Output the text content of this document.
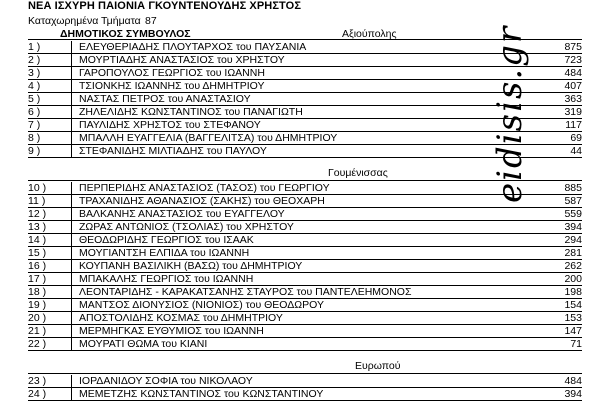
ΝΕΑ ΙΣΧΥΡΗ ΠΑΙΟΝΙΑ ΓΚΟΥΝΤΕΝΟΥΔΗΣ ΧΡΗΣΤΟΣ
Καταχωρημένα Τμήματα 87
ΔΗΜΟΤΙΚΟΣ ΣΥΜΒΟΥΛΟΣ	Αξιούπολης
1 )	ΕΛΕΥΘΕΡΙΑΔΗΣ ΠΛΟΥΤΑΡΧΟΣ του ΠΑΥΣΑΝΙΑ	875
2 )	ΜΟΥΡΤΙΑΔΗΣ ΑΝΑΣΤΑΣΙΟΣ του ΧΡΗΣΤΟΥ	723
3 )	ΓΑΡΟΠΟΥΛΟΣ ΓΕΩΡΓΙΟΣ του ΙΩΑΝΝΗ	484
4 )	ΤΣΙΟΝΚΗΣ ΙΩΑΝΝΗΣ του ΔΗΜΗΤΡΙΟΥ	407
5 )	ΝΑΣΤΑΣ ΠΕΤΡΟΣ του ΑΝΑΣΤΑΣΙΟΥ	363
6 )	ΖΗΛΕΛΙΔΗΣ ΚΩΝΣΤΑΝΤΙΝΟΣ του ΠΑΝΑΓΙΩΤΗ	319
7 )	ΠΑΥΛΙΔΗΣ ΧΡΗΣΤΟΣ του ΣΤΕΦΑΝΟΥ	117
8 )	ΜΠΑΛΛΗ ΕΥΑΓΓΕΛΙΑ (ΒΑΓΓΕΛΙΤΣΑ) του ΔΗΜΗΤΡΙΟΥ	69
9 )	ΣΤΕΦΑΝΙΔΗΣ ΜΙΛΤΙΑΔΗΣ του ΠΑΥΛΟΥ	44
Γουμένισσας
10 )	ΠΕΡΠΕΡΙΔΗΣ ΑΝΑΣΤΑΣΙΟΣ (ΤΑΣΟΣ) του ΓΕΩΡΓΙΟΥ	885
11 )	ΤΡΑΧΑΝΙΔΗΣ ΑΘΑΝΑΣΙΟΣ (ΣΑΚΗΣ) του ΘΕΟΧΑΡΗ	587
12 )	ΒΑΛΚΑΝΗΣ ΑΝΑΣΤΑΣΙΟΣ του ΕΥΑΓΓΕΛΟΥ	559
13 )	ΖΩΡΑΣ ΑΝΤΩΝΙΟΣ (ΤΣΟΛΙΑΣ) του ΧΡΗΣΤΟΥ	394
14 )	ΘΕΟΔΩΡΙΔΗΣ ΓΕΩΡΓΙΟΣ του ΙΣΑΑΚ	294
15 )	ΜΟΥΓΙΑΝΤΣΗ ΕΛΠΙΔΑ του ΙΩΑΝΝΗ	281
16 )	ΚΟΥΠΑΝΗ ΒΑΣΙΛΙΚΗ (ΒΑΣΩ) του ΔΗΜΗΤΡΙΟΥ	262
17 )	ΜΠΑΚΑΛΗΣ ΓΕΩΡΓΙΟΣ του ΙΩΑΝΝΗ	200
18 )	ΛΕΟΝΤΑΡΙΔΗΣ - ΚΑΡΑΚΑΤΣΑΝΗΣ ΣΤΑΥΡΟΣ του ΠΑΝΤΕΛΕΗΜΟΝΟΣ	198
19 )	ΜΑΝΤΣΟΣ ΔΙΟΝΥΣΙΟΣ (ΝΙΟΝΙΟΣ) του ΘΕΟΔΩΡΟΥ	154
20 )	ΑΠΟΣΤΟΛΙΔΗΣ ΚΟΣΜΑΣ του ΔΗΜΗΤΡΙΟΥ	153
21 )	ΜΕΡΜΗΓΚΑΣ ΕΥΘΥΜΙΟΣ του ΙΩΑΝΝΗ	147
22 )	ΜΟΥΡΑΤΙ ΘΩΜΑ του ΚΙΑΝΙ	71
Ευρωπού
23 )	ΙΟΡΔΑΝΙΔΟΥ ΣΟΦΙΑ του ΝΙΚΟΛΑΟΥ	484
24 )	ΜΕΜΕΤΖΗΣ ΚΩΝΣΤΑΝΤΙΝΟΣ του ΚΩΝΣΤΑΝΤΙΝΟΥ	394
eidisis.gr
